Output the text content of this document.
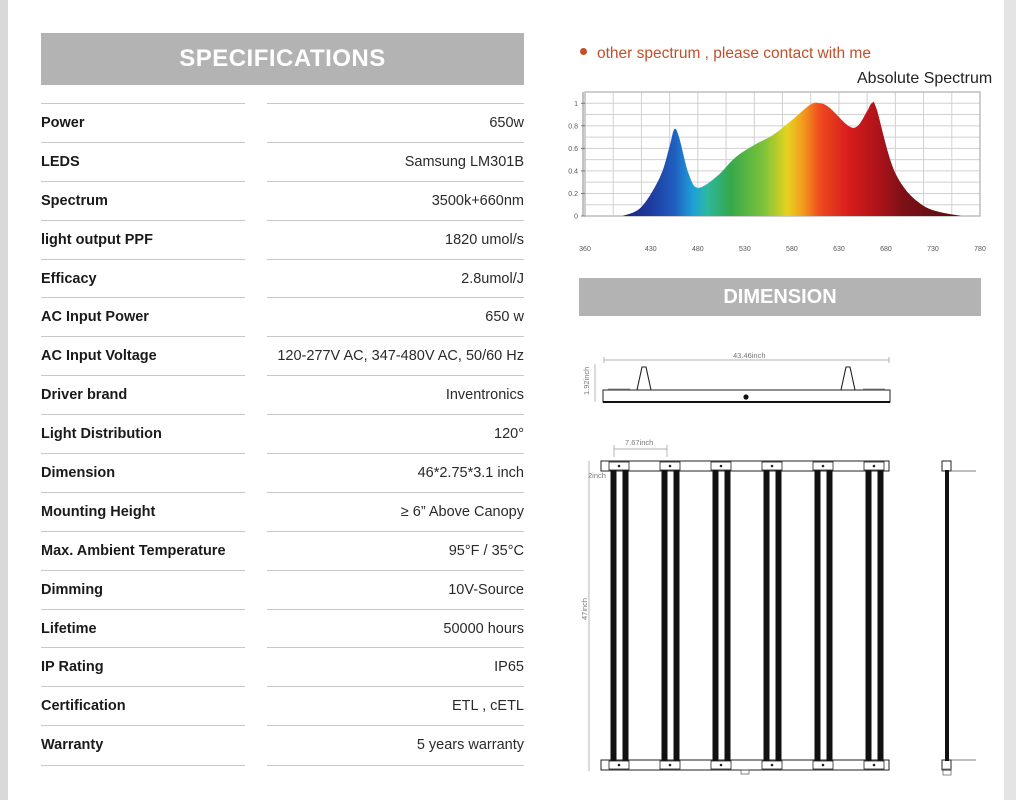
SPECIFICATIONS
Power	650w
LEDS	Samsung LM301B
Spectrum	3500k+660nm
light output PPF	1820 umol/s
Efficacy	2.8umol/J
AC Input Power	650 w
AC Input Voltage	120-277V AC, 347-480V AC, 50/60 Hz
Driver brand	Inventronics
Light Distribution	120°
Dimension	46*2.75*3.1 inch
Mounting Height	≥ 6” Above Canopy
Max. Ambient Temperature	95°F / 35°C
Dimming	10V-Source
Lifetime	50000 hours
IP Rating	IP65
Certification	ETL , cETL
Warranty	5 years warranty
other spectrum , please contact with me
Absolute Spectrum
0
0.2
0.4
0.6
0.8
1
360	430	480	530	580	630	680	730	780
DIMENSION
43.46inch
1.92inch
7.67inch
2inch
47inch
